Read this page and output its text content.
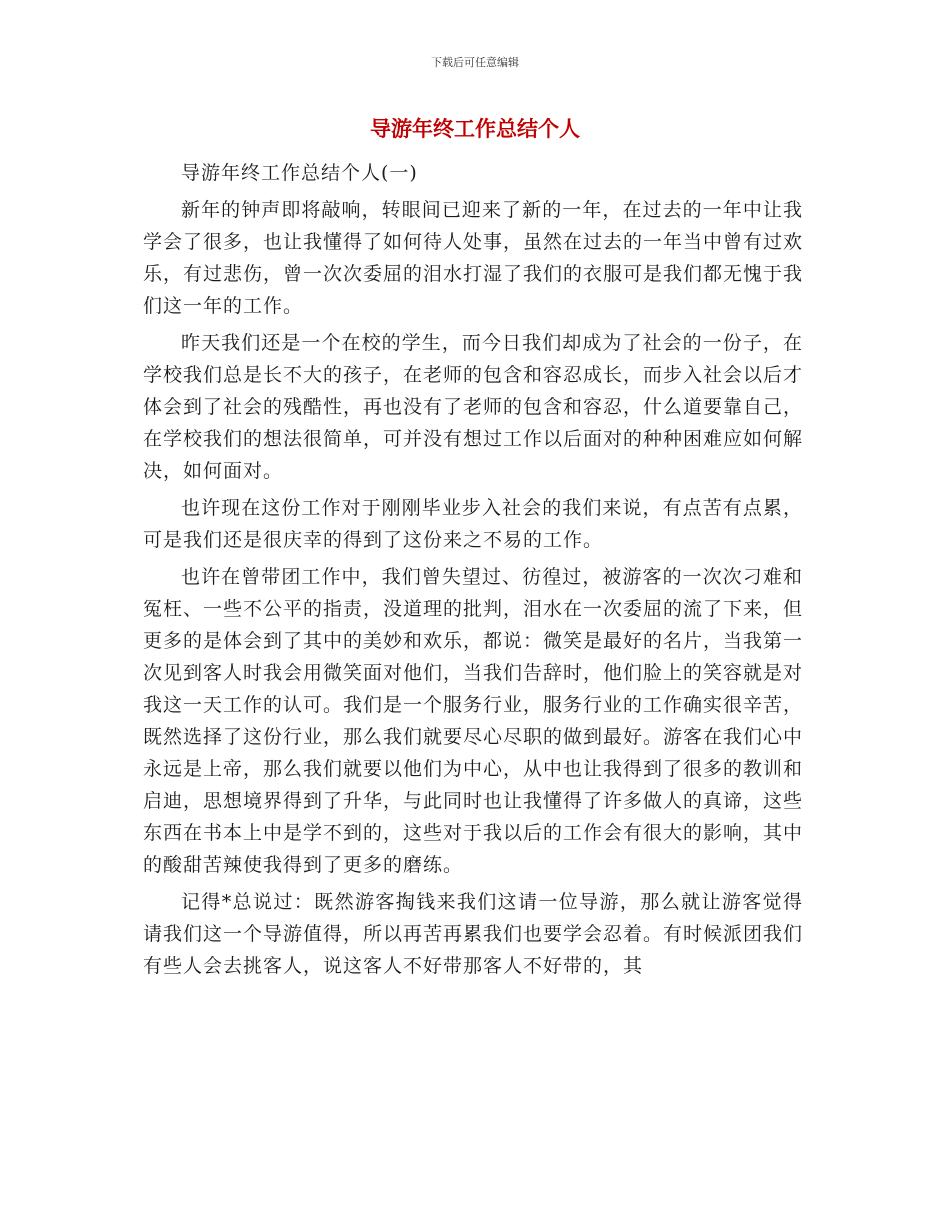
下载后可任意编辑
导游年终工作总结个人

导游年终工作总结个人(一)

新年的钟声即将敲响，转眼间已迎来了新的一年，在过去的一年中让我学会了很多，也让我懂得了如何待人处事，虽然在过去的一年当中曾有过欢乐，有过悲伤，曾一次次委屈的泪水打湿了我们的衣服可是我们都无愧于我们这一年的工作。

昨天我们还是一个在校的学生，而今日我们却成为了社会的一份子，在学校我们总是长不大的孩子，在老师的包含和容忍成长，而步入社会以后才体会到了社会的残酷性，再也没有了老师的包含和容忍，什么道要靠自己，在学校我们的想法很简单，可并没有想过工作以后面对的种种困难应如何解决，如何面对。

也许现在这份工作对于刚刚毕业步入社会的我们来说，有点苦有点累，可是我们还是很庆幸的得到了这份来之不易的工作。

也许在曾带团工作中，我们曾失望过、彷徨过，被游客的一次次刁难和冤枉、一些不公平的指责，没道理的批判，泪水在一次委屈的流了下来，但更多的是体会到了其中的美妙和欢乐，都说：微笑是最好的名片，当我第一次见到客人时我会用微笑面对他们，当我们告辞时，他们脸上的笑容就是对我这一天工作的认可。我们是一个服务行业，服务行业的工作确实很辛苦，既然选择了这份行业，那么我们就要尽心尽职的做到最好。游客在我们心中永远是上帝，那么我们就要以他们为中心，从中也让我得到了很多的教训和启迪，思想境界得到了升华，与此同时也让我懂得了许多做人的真谛，这些东西在书本上中是学不到的，这些对于我以后的工作会有很大的影响，其中的酸甜苦辣使我得到了更多的磨练。

记得*总说过：既然游客掏钱来我们这请一位导游，那么就让游客觉得请我们这一个导游值得，所以再苦再累我们也要学会忍着。有时候派团我们有些人会去挑客人，说这客人不好带那客人不好带的，其
